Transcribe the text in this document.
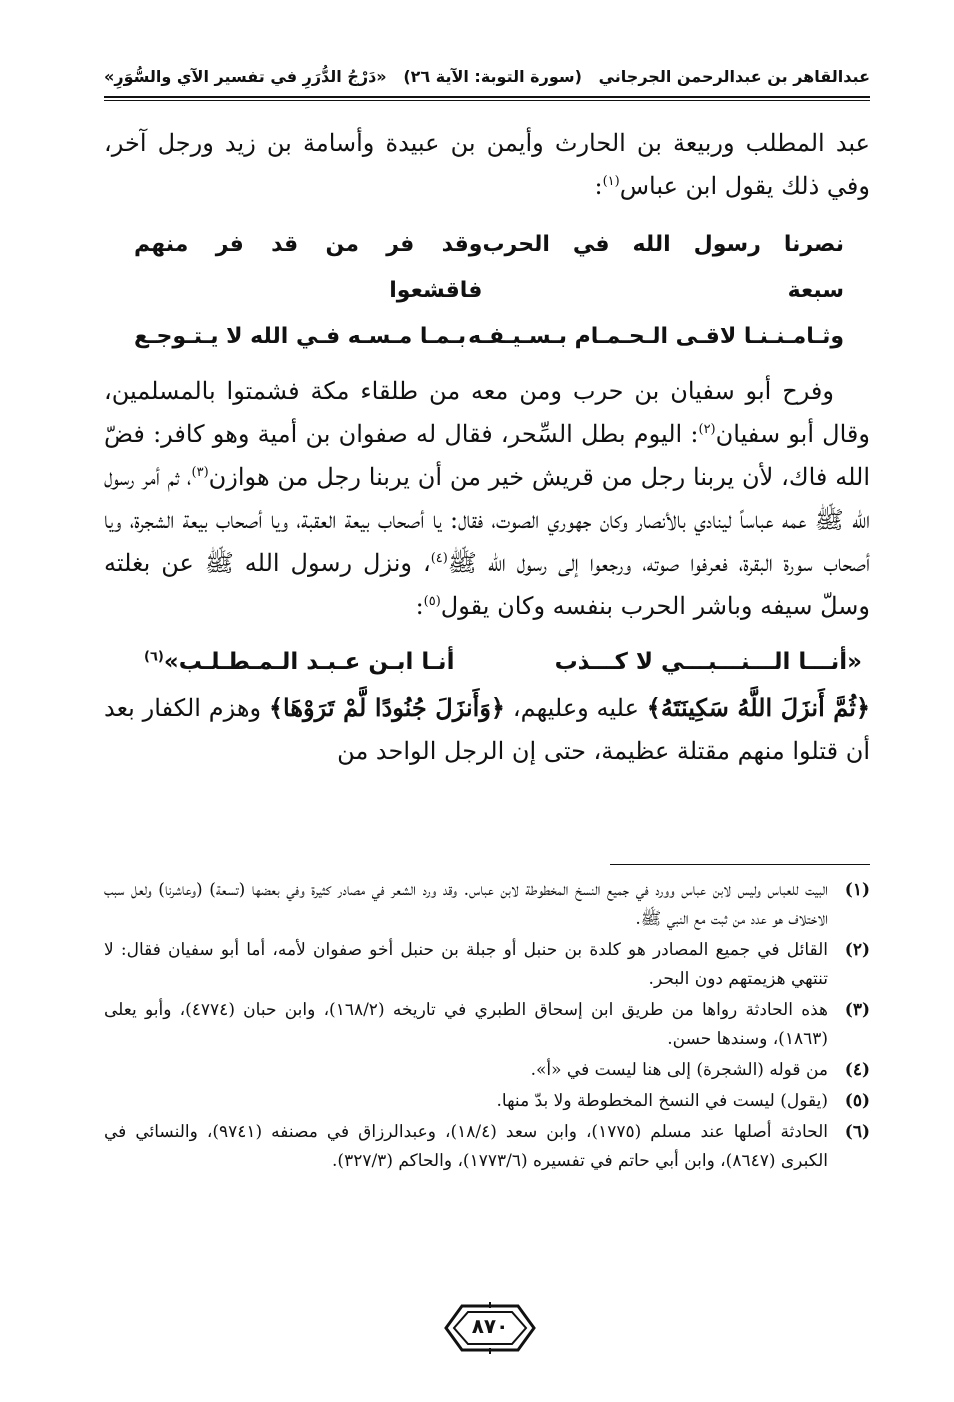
عبدالقاهر بن عبدالرحمن الجرجاني
(سورة التوبة: الآية ٢٦)
«دَرْجُ الدُّرَرِ في تفسير الآي والسُّوَرِ»

عبد المطلب وربيعة بن الحارث وأيمن بن عبيدة وأسامة بن زيد ورجل آخر، وفي ذلك يقول ابن عباس$^{(١)}$:

نصرنا رسول الله في الحرب سبعة
وقد فر من قد فر منهم فاقشعوا
وثـامـنـنـا لاقـى الـحـمـام بـسـيـفـه
بـمـا مـسـه فـي الله لا يـتـوجـع

وفرح أبو سفيان بن حرب ومن معه من طلقاء مكة فشمتوا بالمسلمين، وقال أبو سفيان$^{(٢)}$: اليوم بطل السِّحر، فقال له صفوان بن أمية وهو كافر: فضّ الله فاك، لأن يربنا رجل من قريش خير من أن يربنا رجل من هوازن$^{(٣)}$، ثم أمر رسول الله ﷺ عمه عباساً لينادي بالأنصار وكان جهوري الصوت، فقال: يا أصحاب بيعة العقبة، ويا أصحاب بيعة الشجرة، ويا أصحاب سورة البقرة، فعرفوا صوته، ورجعوا إلى رسول الله ﷺ$^{(٤)}$، ونزل رسول الله ﷺ عن بغلته وسلّ سيفه وباشر الحرب بنفسه وكان يقول$^{(٥)}$:

«أنـــا الـــنـــبـــي لا كـــذب
أنـا ابـن عـبـد الـمـطـلـب»$^{(٦)}$

﴿ثُمَّ أَنزَلَ اللَّهُ سَكِينَتَهُ﴾ عليه وعليهم، ﴿وَأَنزَلَ جُنُودًا لَّمْ تَرَوْهَا﴾ وهزم الكفار بعد أن قتلوا منهم مقتلة عظيمة، حتى إن الرجل الواحد من

(١)
البيت للعباس وليس لابن عباس وورد في جميع النسخ المخطوطة لابن عباس. وقد ورد الشعر في مصادر كثيرة وفي بعضها (تسعة) (وعاشرنا) ولعل سبب الاختلاف هو عدد من ثبت مع النبي ﷺ.
(٢)
القائل في جميع المصادر هو كلدة بن حنبل أو جبلة بن حنبل أخو صفوان لأمه، أما أبو سفيان فقال: لا تنتهي هزيمتهم دون البحر.
(٣)
هذه الحادثة رواها من طريق ابن إسحاق الطبري في تاريخه (١٦٨/٢)، وابن حبان (٤٧٧٤)، وأبو يعلى (١٨٦٣)، وسندها حسن.
(٤)
من قوله (الشجرة) إلى هنا ليست في «أ».
(٥)
(يقول) ليست في النسخ المخطوطة ولا بدّ منها.
(٦)
الحادثة أصلها عند مسلم (١٧٧٥)، وابن سعد (١٨/٤)، وعبدالرزاق في مصنفه (٩٧٤١)، والنسائي في الكبرى (٨٦٤٧)، وابن أبي حاتم في تفسيره (١٧٧٣/٦)، والحاكم (٣٢٧/٣).
٨٧٠
